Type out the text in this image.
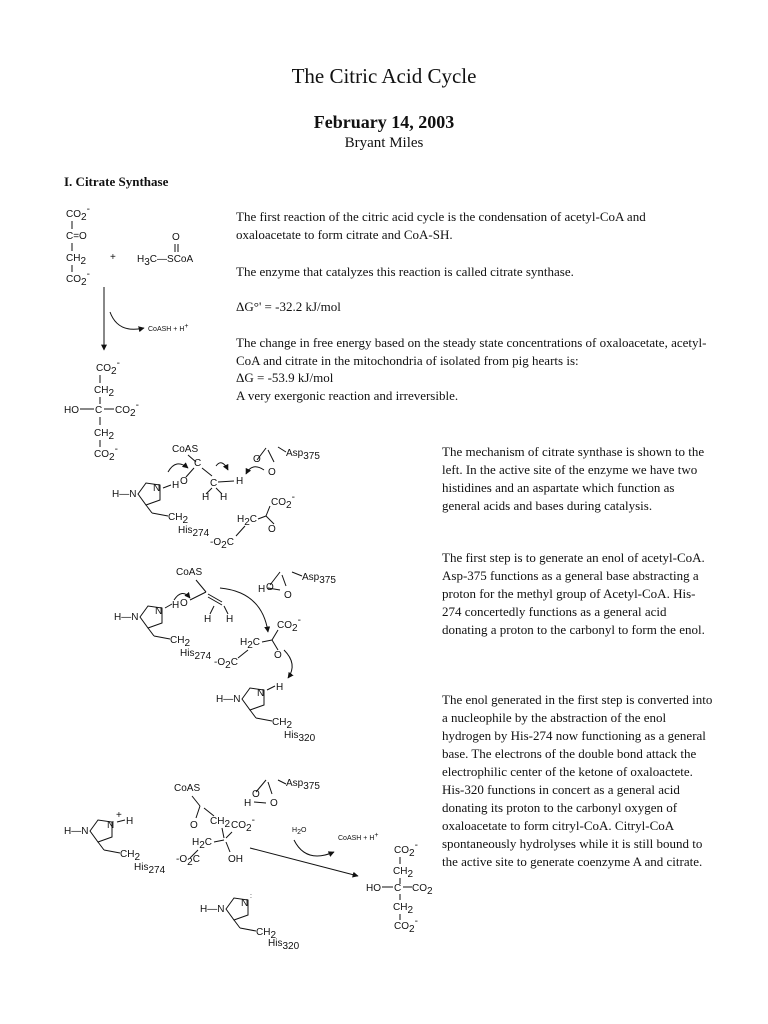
The Citric Acid Cycle
February 14, 2003
Bryant Miles
I. Citrate Synthase

The first reaction of the citric acid cycle is the condensation of acetyl-CoA and oxaloacetate to form citrate and CoA-SH.

The enzyme that catalyzes this reaction is called citrate synthase.

ΔG°' = -32.2 kJ/mol

The change in free energy based on the steady state concentrations of oxaloacetate, acetyl-CoA and citrate in the mitochondria of isolated from pig hearts is:
ΔG = -53.9 kJ/mol
A very exergonic reaction and irreversible.

The mechanism of citrate synthase is shown to the left. In the active site of the enzyme we have two histidines and an aspartate which function as general acids and bases during catalysis.

The first step is to generate an enol of acetyl-CoA. Asp-375 functions as a general base abstracting a proton for the methyl group of Acetyl-CoA. His-274 concertedly functions as a general acid donating a proton to the carbonyl to form the enol.

The enol generated in the first step is converted into a nucleophile by the abstraction of the enol hydrogen by His-274 now functioning as a general base. The electrons of the double bond attack the electrophilic center of the ketone of oxaloactete. His-320 functions in concert as a general acid donating its proton to the carbonyl oxygen of oxaloacetate to form citryl-CoA. Citryl-CoA spontaneously hydrolyses while it is still bound to the active site to generate coenzyme A and citrate.

CO2-
C=O
CH2
CO2-
+
O
H3C—SCoA
CoASH + H+
CO2-
CH2
HO C CO2-
CH2
CO2-
H—N
N H
CH2
His274
CoAS
C
O C
H H
H
O
O
Asp375
CO2-
H2C
O
-O2C
H—N
N
H
CH2
His274
CoAS
O
H H
O
O
Asp375
H
CO2-
H2C
O
-O2C
H—N
N
H
CH2
His320
H—N
N
+
H
CH2
His274
CoAS
O CH2 CO2-
H2C
OH
-O2C
O
O
H
Asp375
H2O
CoASH + H+
CO2-
CH2
HO C CO2
CH2
CO2-
H—N
N
:
CH2
His320
